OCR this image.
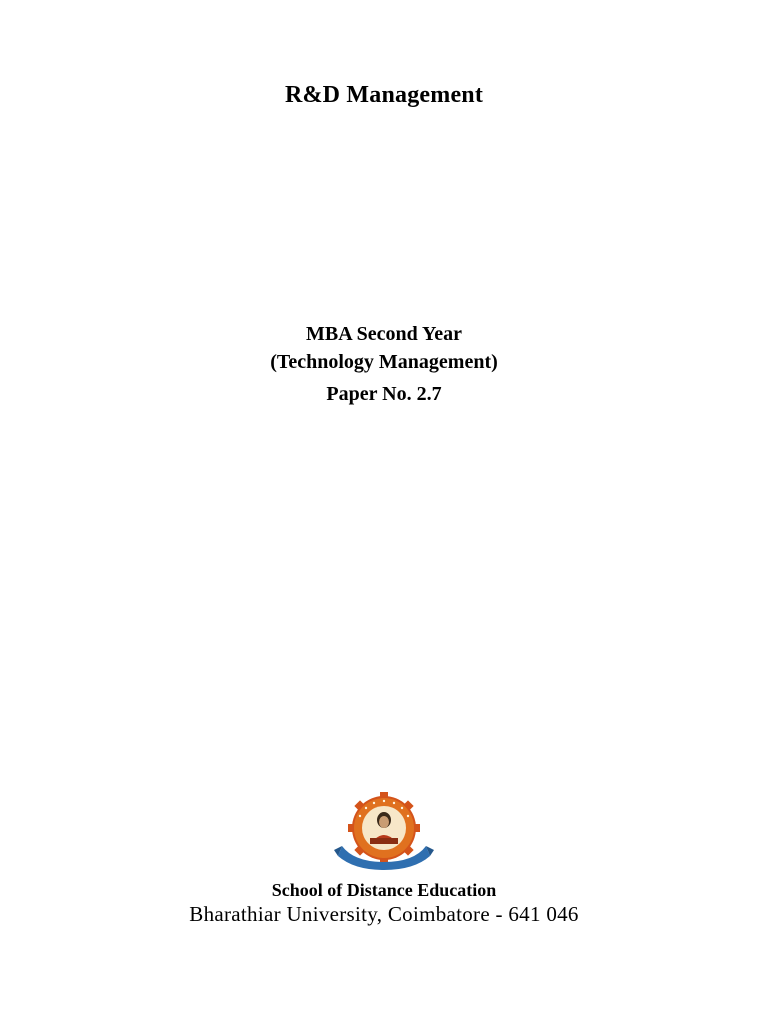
R&D Management
MBA Second Year
(Technology Management)
Paper No. 2.7
School of Distance Education
Bharathiar University, Coimbatore - 641 046
